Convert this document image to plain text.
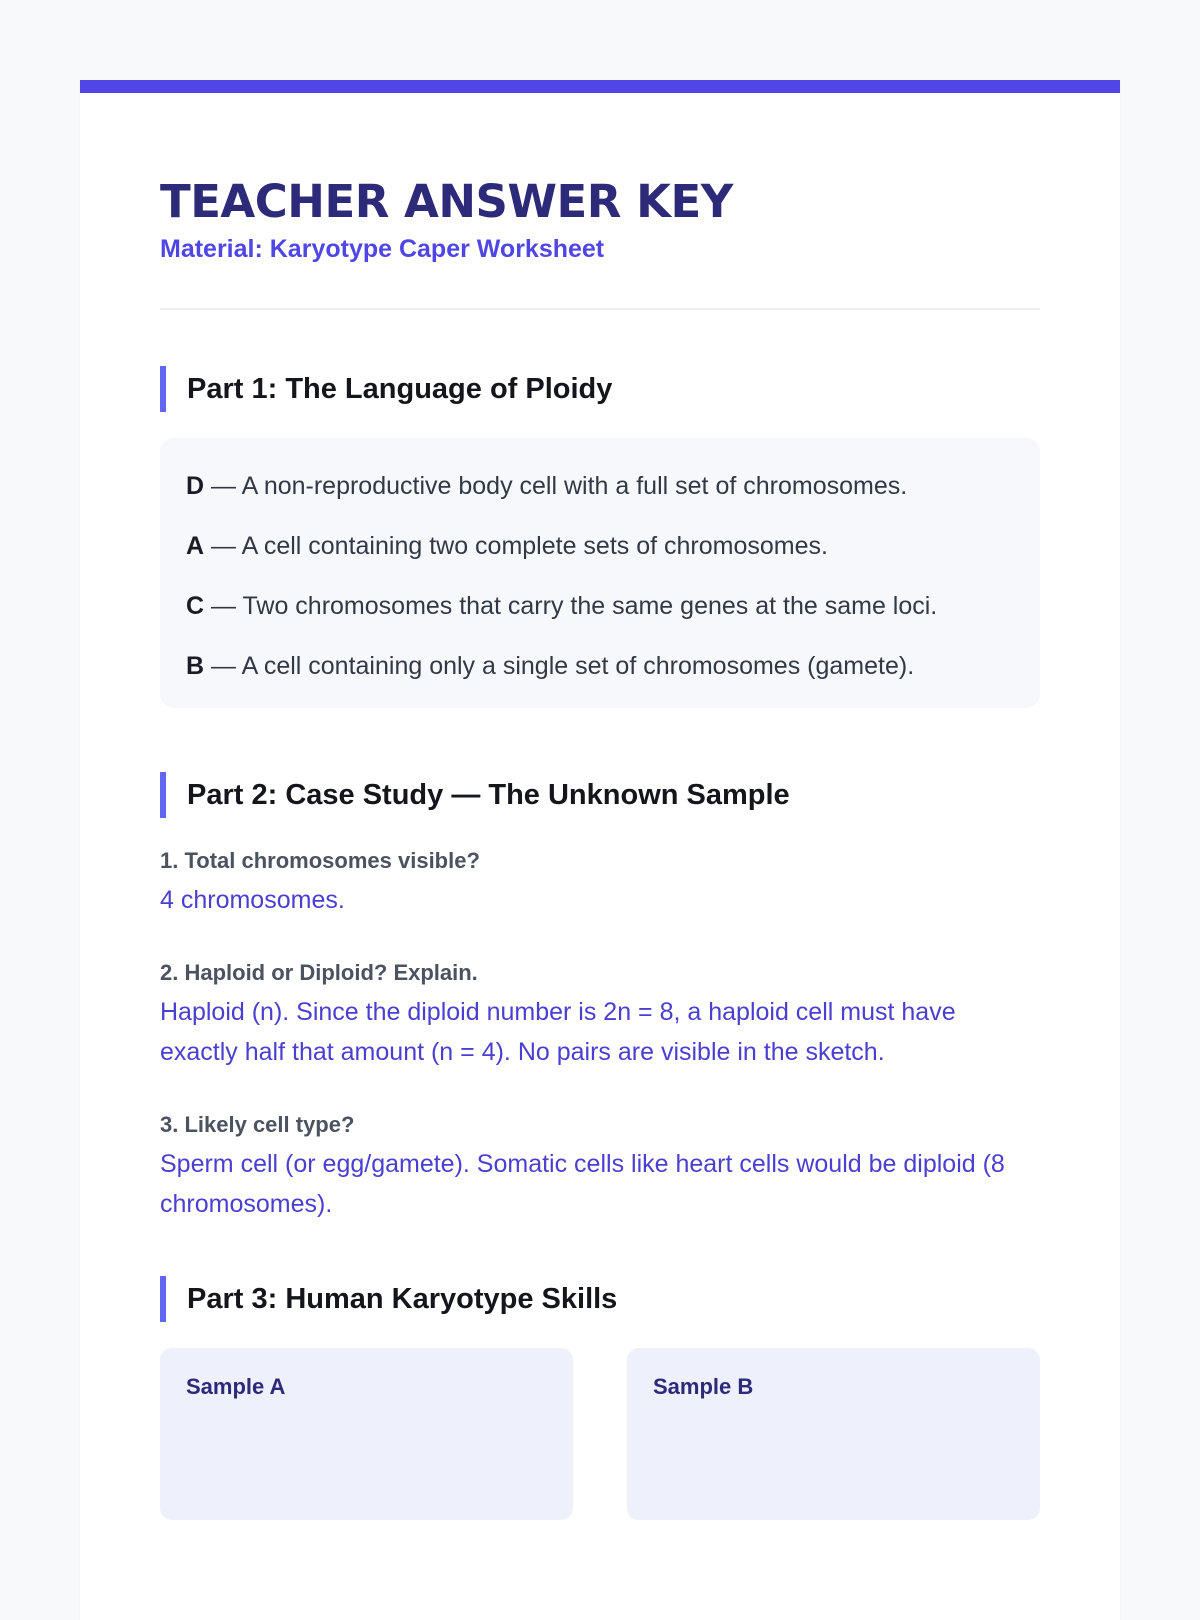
TEACHER ANSWER KEY
Material: Karyotype Caper Worksheet
Part 1: The Language of Ploidy
D — A non-reproductive body cell with a full set of chromosomes.
A — A cell containing two complete sets of chromosomes.
C — Two chromosomes that carry the same genes at the same loci.
B — A cell containing only a single set of chromosomes (gamete).
Part 2: Case Study — The Unknown Sample
1. Total chromosomes visible?
4 chromosomes.
2. Haploid or Diploid? Explain.
Haploid (n). Since the diploid number is 2n = 8, a haploid cell must have exactly half that amount (n = 4). No pairs are visible in the sketch.
3. Likely cell type?
Sperm cell (or egg/gamete). Somatic cells like heart cells would be diploid (8 chromosomes).
Part 3: Human Karyotype Skills
Sample A	Sample B
